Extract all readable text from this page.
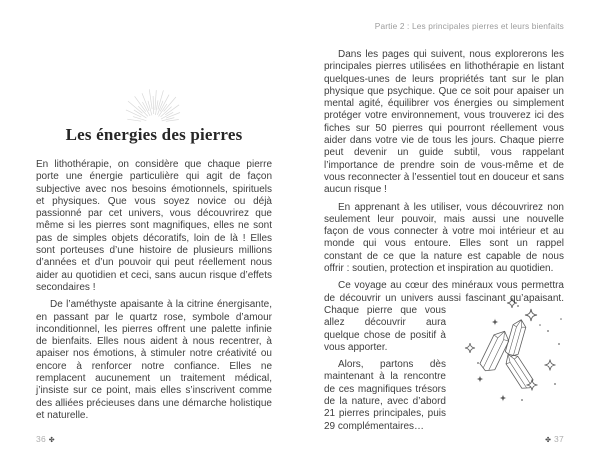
Les énergies des pierres

En lithothérapie, on considère que chaque pierre porte une énergie particulière qui agit de façon subjective avec nos besoins émotionnels, spirituels et physiques. Que vous soyez novice ou déjà passionné par cet univers, vous découvrirez que même si les pierres sont magnifiques, elles ne sont pas de simples objets décoratifs, loin de là ! Elles sont porteuses d’une histoire de plusieurs millions d’années et d’un pouvoir qui peut réellement nous aider au quotidien et ceci, sans aucun risque d’effets secondaires !

De l’améthyste apaisante à la citrine énergisante, en passant par le quartz rose, symbole d’amour inconditionnel, les pierres offrent une palette infinie de bienfaits. Elles nous aident à nous recentrer, à apaiser nos émotions, à stimuler notre créativité ou encore à renforcer notre confiance. Elles ne remplacent aucunement un traitement médical, j’insiste sur ce point, mais elles s’inscrivent comme des alliées précieuses dans une démarche holistique et naturelle.

36 ✤
Partie 2 : Les principales pierres et leurs bienfaits

Dans les pages qui suivent, nous explorerons les principales pierres utilisées en lithothérapie en listant quelques-unes de leurs propriétés tant sur le plan physique que psychique. Que ce soit pour apaiser un mental agité, équilibrer vos énergies ou simplement protéger votre environnement, vous trouverez ici des fiches sur 50 pierres qui pourront réellement vous aider dans votre vie de tous les jours. Chaque pierre peut devenir un guide subtil, vous rappelant l’importance de prendre soin de vous-même et de vous reconnecter à l’essentiel tout en douceur et sans aucun risque !

En apprenant à les utiliser, vous découvrirez non seulement leur pouvoir, mais aussi une nouvelle façon de vous connecter à votre moi intérieur et au monde qui vous entoure. Elles sont un rappel constant de ce que la nature est capable de nous offrir : soutien, protection et inspiration au quotidien.

Ce voyage au cœur des minéraux vous permettra de découvrir un univers aussi fascinant qu’apaisant. Chaque pierre que vous allez découvrir aura quelque chose de positif à vous apporter.

Alors, partons dès maintenant à la rencontre de ces magnifiques trésors de la nature, avec d’abord 21 pierres principales, puis 29 complémentaires…

✤ 37
